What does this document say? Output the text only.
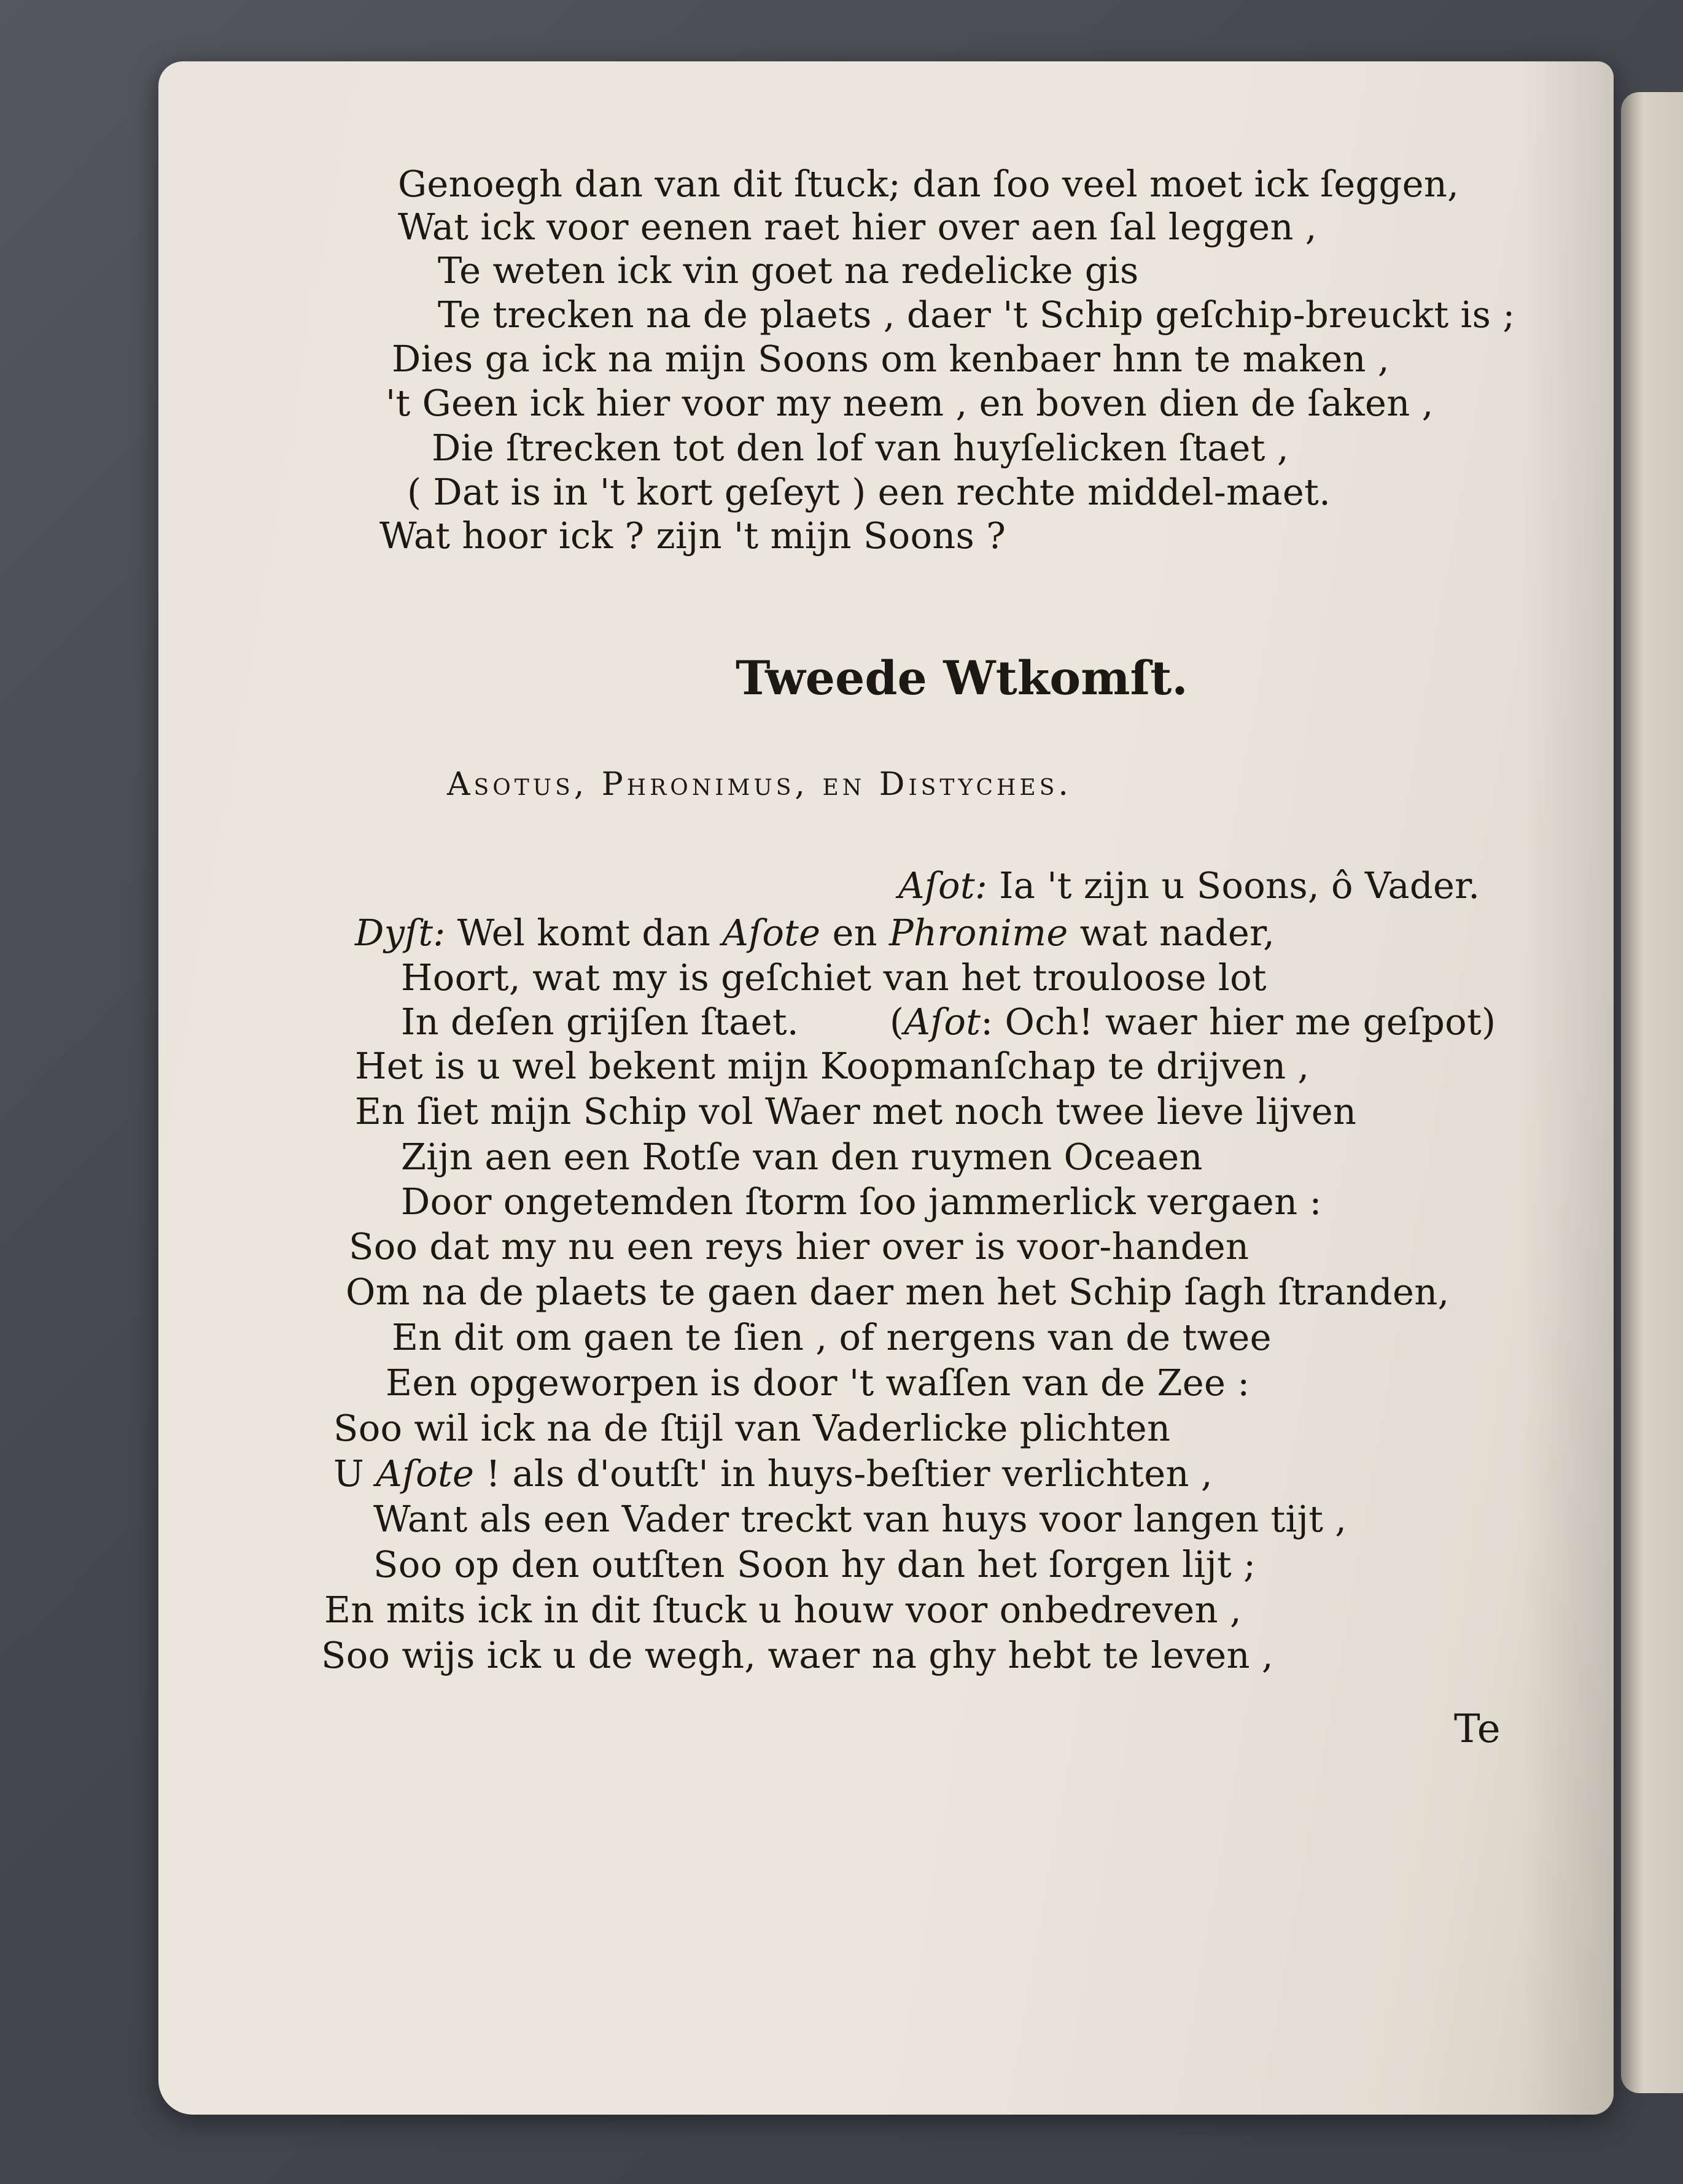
Genoegh dan van dit ſtuck; dan ſoo veel moet ick ſeggen,
Wat ick voor eenen raet hier over aen ſal leggen ,
Te weten ick vin goet na redelicke gis
Te trecken na de plaets , daer 't Schip geſchip-breuckt is ;
Dies ga ick na mijn Soons om kenbaer hnn te maken ,
't Geen ick hier voor my neem , en boven dien de ſaken ,
Die ſtrecken tot den lof van huyſelicken ſtaet ,
( Dat is in 't kort geſeyt ) een rechte middel-maet.
Wat hoor ick ? zijn 't mijn Soons ?
Tweede Wtkomſt.
Asotus, Phronimus, en Distyches.
Aſot: Ia 't zijn u Soons, ô Vader.
Dyſt: Wel komt dan Aſote en Phronime wat nader,
Hoort, wat my is geſchiet van het trouloose lot
In deſen grijſen ſtaet.	(Aſot: Och! waer hier me geſpot)
Het is u wel bekent mijn Koopmanſchap te drijven ,
En ſiet mijn Schip vol Waer met noch twee lieve lijven
Zijn aen een Rotſe van den ruymen Oceaen
Door ongetemden ſtorm ſoo jammerlick vergaen :
Soo dat my nu een reys hier over is voor-handen
Om na de plaets te gaen daer men het Schip ſagh ſtranden,
En dit om gaen te ſien , of nergens van de twee
Een opgeworpen is door 't waſſen van de Zee :
Soo wil ick na de ſtijl van Vaderlicke plichten
U Aſote ! als d'outſt' in huys-beſtier verlichten ,
Want als een Vader treckt van huys voor langen tijt ,
Soo op den outſten Soon hy dan het ſorgen lijt ;
En mits ick in dit ſtuck u houw voor onbedreven ,
Soo wijs ick u de wegh, waer na ghy hebt te leven ,
Te
